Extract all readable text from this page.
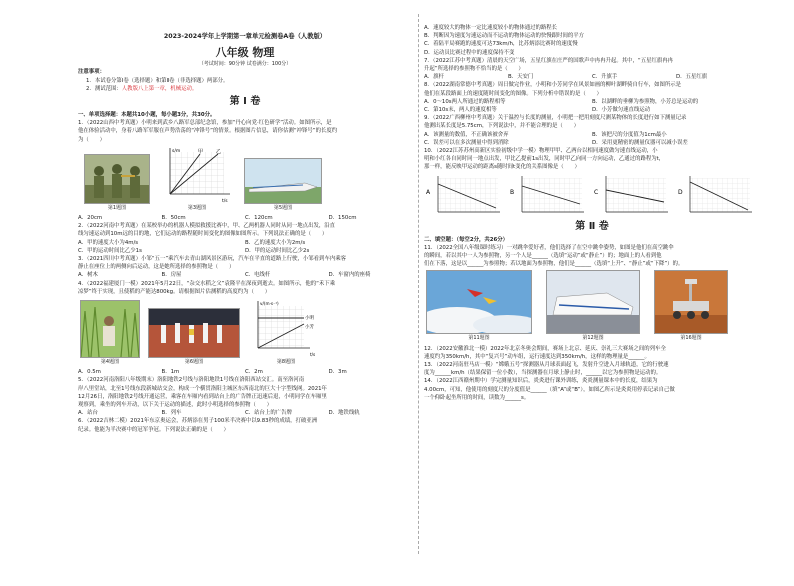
2023-2024学年上学期第一章单元检测卷A卷（人教版）
八年级 物理
（考试时间：90分钟 试卷满分：100分）

注意事项：

1．本试卷分第Ⅰ卷（选择题）和第Ⅱ卷（非选择题）两部分。

2．测试范围：人教版八上第一章，机械运动。

第 Ⅰ 卷

一、单项选择题：本题共10小题，每小题3分，共30分。

1．（2022山西中考真题）小明来到武乡八路军总部纪念馆，参加“丹心向党·红色研学”活动。如图所示，是

他在体验活动中，身着八路军军服在声势浩荡的“冲锋号”的情景。根据图片信息，请你估测“冲锋号”的长度约

为（　　）

第1题图
s/m
t/s
甲	乙
第3题图	第5题图
A．20cm	B．50cm	C．120cm	D．150cm

2．（2022河南中考真题）在某校举办的机器人模拟救援比赛中，甲、乙两机器人同时从同一地点出发，沿直

线匀速运动到10m远的目的地，它们运动的路程随时间变化的图像如图所示。下列说法正确的是（　　）

A．甲的速度大小为4m/s	B．乙的速度大小为2m/s
C．甲的运动时间比乙少1s	D．甲的运动时间比乙少2s

3．（2021四川中考真题）小邹“五一”乘汽车去青山湖风景区游玩，汽车在平直的道路上行驶，小邹看到车内乘客

静止在座位上的两侧向后运动，这是她所选择的参照物是（　　）

A．树木	B．房屋	C．电线杆	D．车窗内的座椅

4．（2022福建厦门一模）2021年5月22日，“杂交水稻之父”袁隆平在深夜到逝去。如图所示，他的“禾下乘

凉梦”终于实现，且使稻的产能达800kg。请根据图片估测稻的高度约为（　　）

第4题图	第6题图
v/(m·s⁻¹)
t/s
小明
小芳
第8题图
A．0.5m	B．1m	C．2m	D．3m

5．（2022河南洛阳八年级期末）洛阳地铁2号线与洛阳地铁1号线在洛阳西站交汇。南至洛河南

岸八里堂站，北至1号线东段新城站交会，构成一个横贯洛阳主城区东西南北的巨大十字型线网。2021年

12月26日，洛阳地铁2号线开通运营，乘客在车厢内看到站台上的广告牌正迅速后退，小明同学在车厢里

观察到，乘坐的列车开动，以下关于运动的描述，此时小明选择的参照物（　　）

A．站台	B．列车	C．站台上的广告牌	D．地铁线轨

6．（2022吉林二模）2021年东京奥运会，苏炳添在男子100米半决赛中以9.83秒的成绩，打破亚洲

纪录。他能为半决赛中的冠军争冠。下列说法正确的是（　　）

A．速度较大的物体一定比速度较小的物体通过的路程长

B．判断因为速度匀速运动而不运动的物体运动的快慢跟时间的平方

C．着陆平局赛跑的速度可达73km/h，比苏炳添比赛时的速度慢

D．运动员比赛过程中的速度保持不变

7．（2022江苏中考真题）清晨的天空广场，五星红旗在庄严的国歌声中冉冉升起。其中，“五星红旗冉冉

升起”所选择的参照物不恰当的是（　　）

A．旗杆	B．天安门	C．升旗手	D．五星红旗

8．（2022湖南常德中考真题）周日做完作业，小明和小芳同学在风景如画的柳叶湖畔骑自行车，如图所示是

他们在某段路面上的速度随时间变化的图像。下列分析中错误的是（　　）

A．0～10s两人所通过的路程相等	B．以湖畔的垂柳为参照物，小芳总是运动的
C．第10s末，两人的速度相等	D．小芳做匀速直线运动

9．（2022广西柳州中考真题）关于温控与长度的测量，小明把一把用刻度尺测某物体的长度进行如下测量记录

他测出某长度是5.75cm，下列说法中，并不能合理的是（　　）

A．该测量的数值，不正确该被舍弃	B．该把尺的分度值为1cm最小
C．误差可以在多次测量中得到消除	D．采用更精密的测量仪器可以减小误差

10．（2022江苏苏州高新区实验初级中学一模）物理甲甲、乙两台以相同速度做匀速直线运动，小

明和小红各自同时同一地点出发，甲比乙提前1s出发，同时甲乙向同一方向运动，乙通过的路程为t，

那一样，能反映甲运动的距离s随时间t变化的关系图像是（　　）

A	B	C	D
第 Ⅱ 卷

二、填空题：（每空2分，共26分）

11．（2022全国八年级课时练习）一对跳伞爱好者，他们选择了在空中跳伞姿势，如图是他们在高空跳伞

的瞬间，若以其中一人为参照物，另一个人是______（选填“运动”或“静止”）的；地面上的人看到他

们在下落，这是以______为参照物；若以地面为参照物，他们是______（选填“上升”、“静止”或“下降”）的。

第11题图	第12题图	第16题图

12．（2022安徽淮北一模）2022年北京冬奥会期间，赛场上北京、延庆、崇礼三大赛场之间的列车全

速度约为350km/h，其中“复兴号”动车组，运行速度达到350km/h，这样的物理量是______。

13．（2022河南驻马店一模）“嫦娥五号”探测器从月球表面起飞，发射升空进入月球轨道，它的行驶速

度为______km/h（结果保留一位小数），当探测器在月球上静止时，______以它为参照物是运动的。

14．（2022江西赣州期中）学完测量知识后，炎炎进行课外训练，炎炎测量课本中的长度，结果为

4.00cm，可知，他使用的刻度尺的分度值是______（填“A”或“B”），如图乙所示是炎炎用停表记录自己做

一个仰卧起坐所用的时间，读数为______s。
